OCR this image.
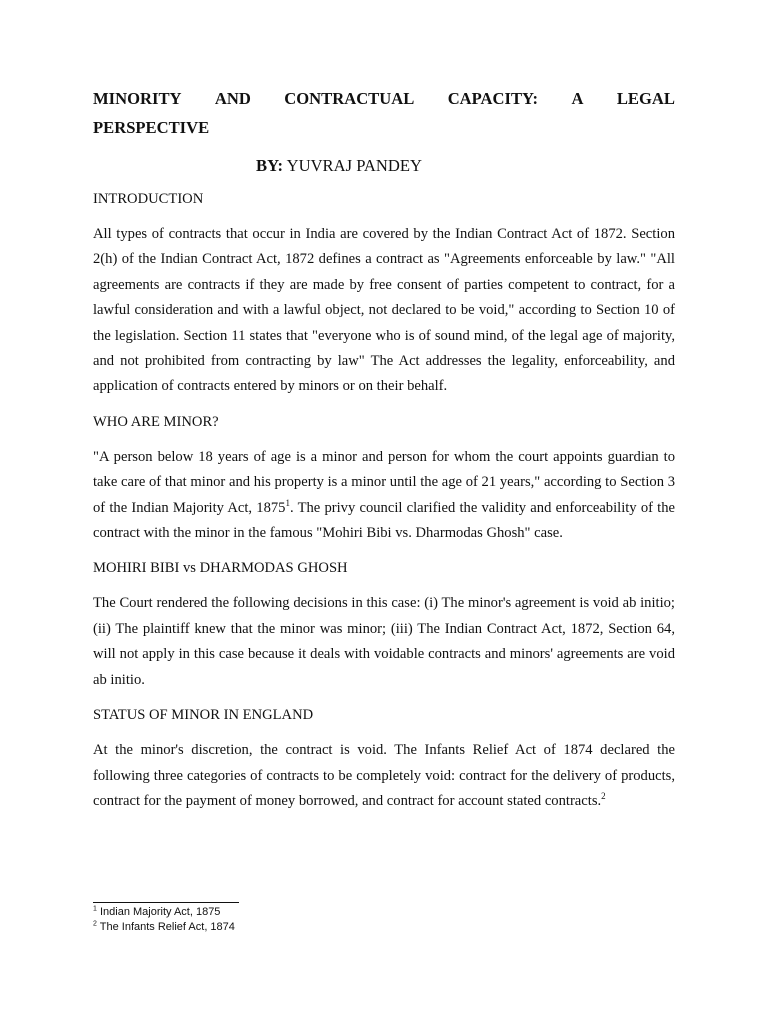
MINORITY AND CONTRACTUAL CAPACITY: A LEGAL
PERSPECTIVE
BY: YUVRAJ PANDEY
INTRODUCTION

All types of contracts that occur in India are covered by the Indian Contract Act of 1872. Section 2(h) of the Indian Contract Act, 1872 defines a contract as "Agreements enforceable by law." "All agreements are contracts if they are made by free consent of parties competent to contract, for a lawful consideration and with a lawful object, not declared to be void," according to Section 10 of the legislation. Section 11 states that "everyone who is of sound mind, of the legal age of majority, and not prohibited from contracting by law" The Act addresses the legality, enforceability, and application of contracts entered by minors or on their behalf.

WHO ARE MINOR?

"A person below 18 years of age is a minor and person for whom the court appoints guardian to take care of that minor and his property is a minor until the age of 21 years," according to Section 3 of the Indian Majority Act, 1875$^1$. The privy council clarified the validity and enforceability of the contract with the minor in the famous "Mohiri Bibi vs. Dharmodas Ghosh" case.

MOHIRI BIBI vs DHARMODAS GHOSH

The Court rendered the following decisions in this case: (i) The minor's agreement is void ab initio; (ii) The plaintiff knew that the minor was minor; (iii) The Indian Contract Act, 1872, Section 64, will not apply in this case because it deals with voidable contracts and minors' agreements are void ab initio.

STATUS OF MINOR IN ENGLAND

At the minor's discretion, the contract is void. The Infants Relief Act of 1874 declared the following three categories of contracts to be completely void: contract for the delivery of products, contract for the payment of money borrowed, and contract for account stated contracts.$^2$

$^1$ Indian Majority Act, 1875
$^2$ The Infants Relief Act, 1874
